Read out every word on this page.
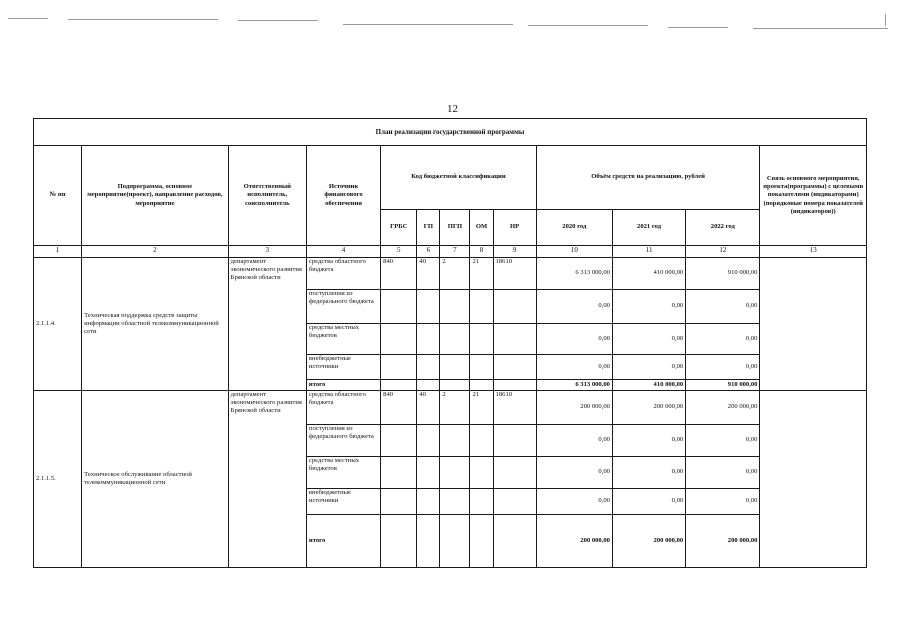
12
План реализации государственной программы												
№ пп	Подпрограмма, основное мероприятие(проект), направление расходов, мероприятие	Ответственный исполнитель, соисполнитель	Источник финансового обеспечения	Код бюджетной классификации					Объём средств на реализацию, рублей			Связь основного мероприятия, проекта(программы) с целевыми показателями (индикаторами) (порядковые номера показателей (индикаторов))
				ГРБС	ГП	ПГП	ОМ	НР	2020 год	2021 год	2022 год	
1	2	3	4	5	6	7	8	9	10	11	12	13
2.1.1.4.	Техническая поддержка средств защиты информации областной телекоммуникационной сети	департамент экономического развития Брянской области	средства областного бюджета	840	40	2	21	18610	6 313 000,00	410 000,00	910 000,00	
			поступления из федерального бюджета						0,00	0,00	0,00	
			средства местных бюджетов						0,00	0,00	0,00	
			внебюджетные источники						0,00	0,00	0,00	
			итого						6 313 000,00	410 000,00	910 000,00	
2.1.1.5.	Техническое обслуживание областной телекоммуникационной сети	департамент экономического развития Брянской области	средства областного бюджета	840	40	2	21	18610	200 000,00	200 000,00	200 000,00	
			поступления из федерального бюджета						0,00	0,00	0,00	
			средства местных бюджетов						0,00	0,00	0,00	
			внебюджетные источники						0,00	0,00	0,00	
			итого						200 000,00	200 000,00	200 000,00	
